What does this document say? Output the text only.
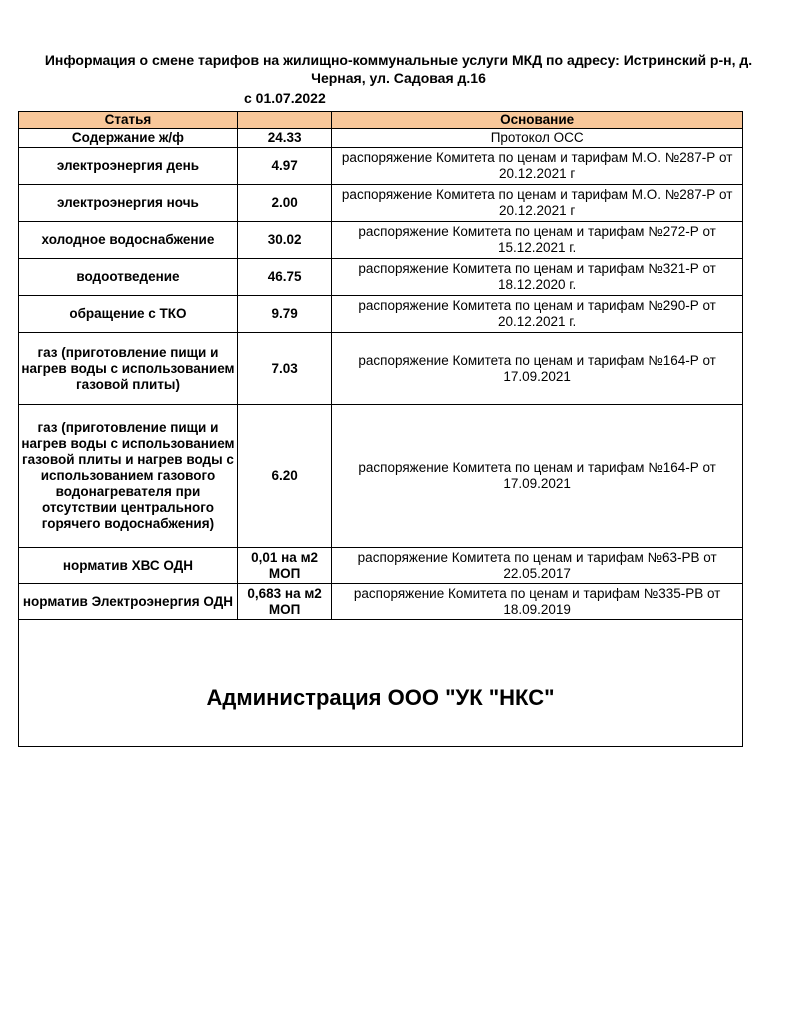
Информация о смене тарифов на жилищно-коммунальные услуги МКД по адресу: Истринский р-н, д.
Черная, ул. Садовая д.16
с 01.07.2022
Статья		Основание
Содержание ж/ф	24.33	Протокол ОСС
электроэнергия день	4.97	распоряжение Комитета по ценам и тарифам М.О. №287-Р от 20.12.2021 г
электроэнергия ночь	2.00	распоряжение Комитета по ценам и тарифам М.О. №287-Р от 20.12.2021 г
холодное водоснабжение	30.02	распоряжение Комитета по ценам и тарифам №272-Р от 15.12.2021 г.
водоотведение	46.75	распоряжение Комитета по ценам и тарифам №321-Р от 18.12.2020 г.
обращение с ТКО	9.79	распоряжение Комитета по ценам и тарифам №290-Р от 20.12.2021 г.
газ (приготовление пищи и нагрев воды с использованием газовой плиты)	7.03	распоряжение Комитета по ценам и тарифам №164-Р от 17.09.2021
газ (приготовление пищи и нагрев воды с использованием газовой плиты и нагрев воды с использованием газового водонагревателя при отсутствии центрального горячего водоснабжения)	6.20	распоряжение Комитета по ценам и тарифам №164-Р от 17.09.2021
норматив ХВС ОДН	0,01 на м2 МОП	распоряжение Комитета по ценам и тарифам №63-РВ от 22.05.2017
норматив Электроэнергия ОДН	0,683 на м2 МОП	распоряжение Комитета по ценам и тарифам №335-РВ от 18.09.2019

Администрация ООО "УК "НКС"		
